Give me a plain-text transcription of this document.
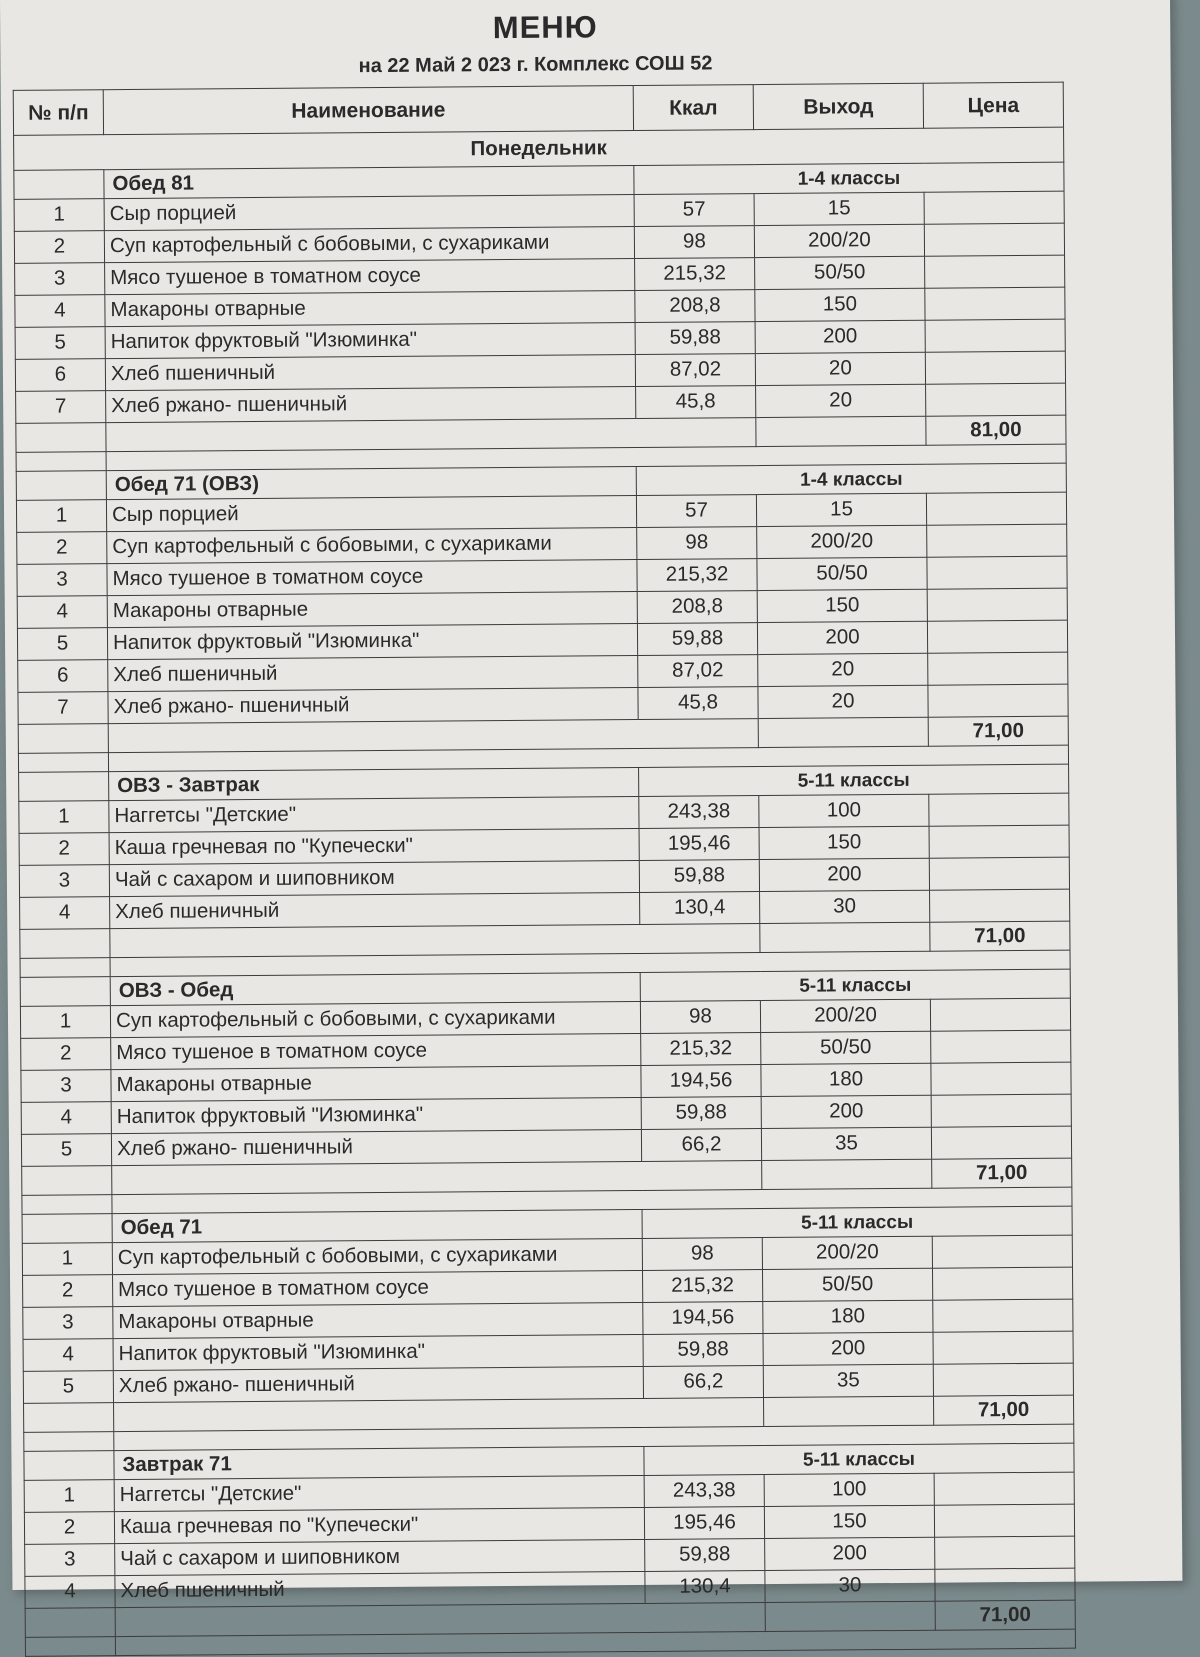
МЕНЮ
на 22 Май 2 023 г. Комплекс СОШ 52
№ п/п	Наименование	Ккал	Выход	Цена
Понедельник				
	Обед 81	1-4 классы		
1	Сыр порцией	57	15	
2	Суп картофельный с бобовыми, с сухариками	98	200/20	
3	Мясо тушеное в томатном соусе	215,32	50/50	
4	Макароны отварные	208,8	150	
5	Напиток фруктовый "Изюминка"	59,88	200	
6	Хлеб пшеничный	87,02	20	
7	Хлеб ржано- пшеничный	45,8	20	
				81,00

	Обед 71 (ОВЗ)	1-4 классы		
1	Сыр порцией	57	15	
2	Суп картофельный с бобовыми, с сухариками	98	200/20	
3	Мясо тушеное в томатном соусе	215,32	50/50	
4	Макароны отварные	208,8	150	
5	Напиток фруктовый "Изюминка"	59,88	200	
6	Хлеб пшеничный	87,02	20	
7	Хлеб ржано- пшеничный	45,8	20	
				71,00

	ОВЗ - Завтрак	5-11 классы		
1	Наггетсы "Детские"	243,38	100	
2	Каша гречневая по "Купечески"	195,46	150	
3	Чай с сахаром и шиповником	59,88	200	
4	Хлеб пшеничный	130,4	30	
				71,00

	ОВЗ - Обед	5-11 классы		
1	Суп картофельный с бобовыми, с сухариками	98	200/20	
2	Мясо тушеное в томатном соусе	215,32	50/50	
3	Макароны отварные	194,56	180	
4	Напиток фруктовый "Изюминка"	59,88	200	
5	Хлеб ржано- пшеничный	66,2	35	
				71,00

	Обед 71	5-11 классы		
1	Суп картофельный с бобовыми, с сухариками	98	200/20	
2	Мясо тушеное в томатном соусе	215,32	50/50	
3	Макароны отварные	194,56	180	
4	Напиток фруктовый "Изюминка"	59,88	200	
5	Хлеб ржано- пшеничный	66,2	35	
				71,00

	Завтрак 71	5-11 классы		
1	Наггетсы "Детские"	243,38	100	
2	Каша гречневая по "Купечески"	195,46	150	
3	Чай с сахаром и шиповником	59,88	200	
4	Хлеб пшеничный	130,4	30	
				71,00
